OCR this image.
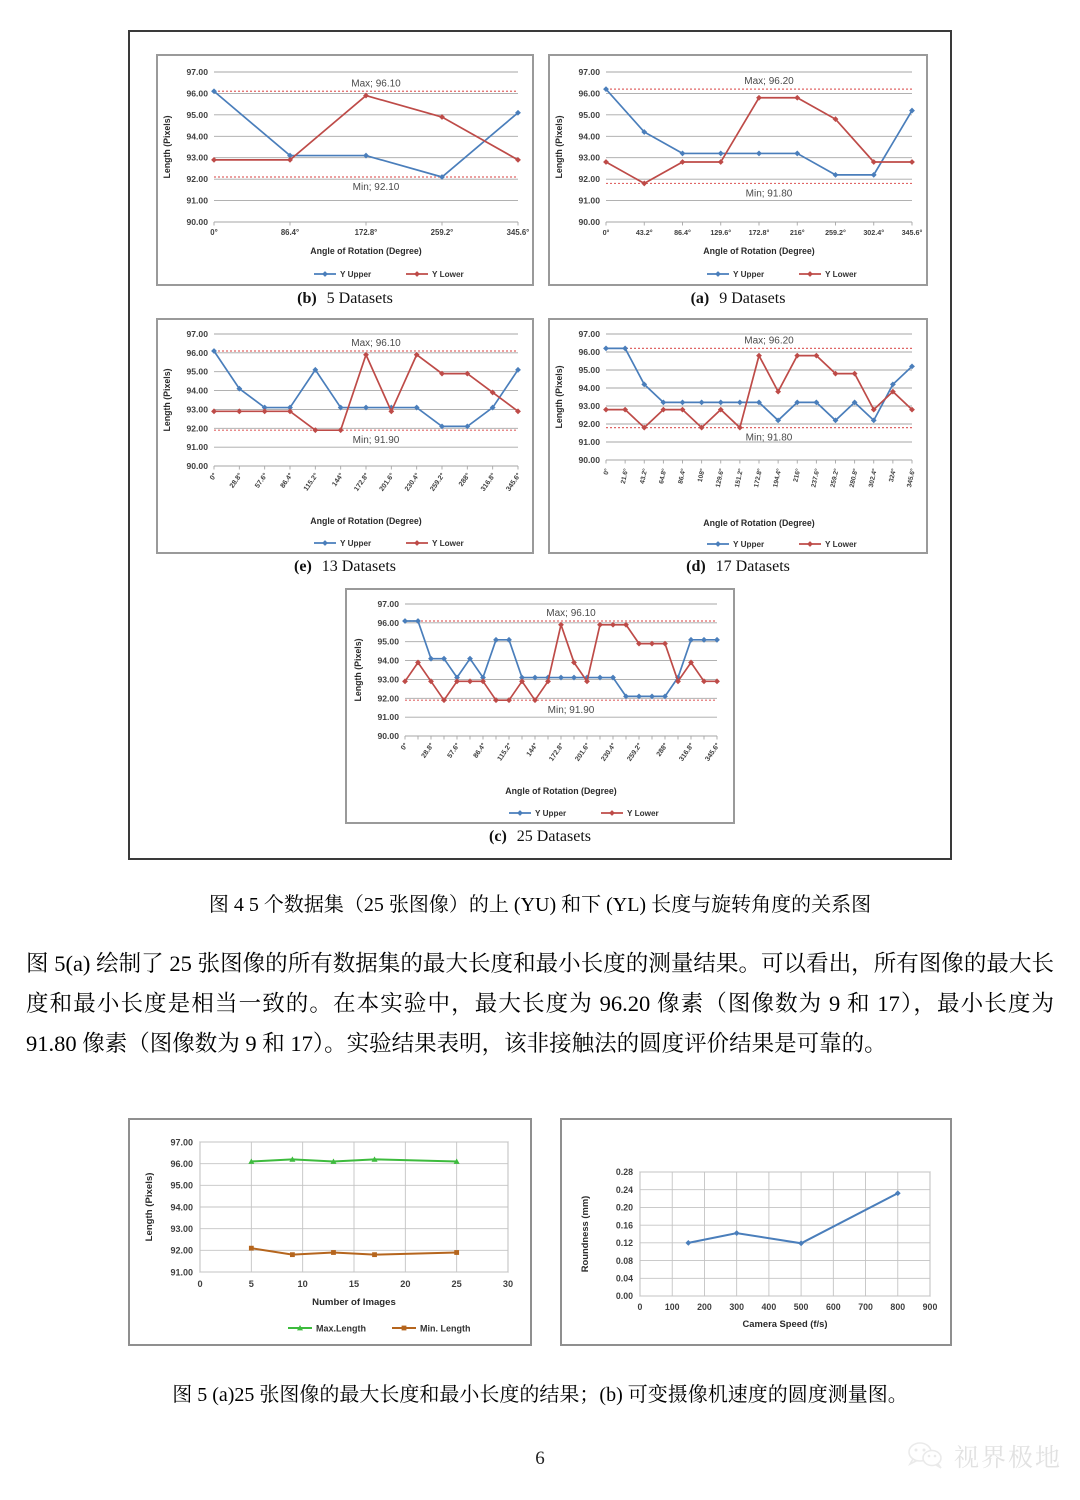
97.00
96.00
95.00
94.00
93.00
92.00
91.00
90.00
Max; 96.10
Min; 92.10
0°	86.4°	172.8°	259.2°	345.6°
Angle of Rotation (Degree)
Length (Pixels)
Y Upper	Y Lower
(b) 5 Datasets
97.00
96.00
95.00
94.00
93.00
92.00
91.00
90.00
Max; 96.20
Min; 91.80
0°	43.2°	86.4°	129.6° 172.8°	216°	259.2° 302.4° 345.6°
Angle of Rotation (Degree)
Length (Pixels)
Y Upper	Y Lower
(a) 9 Datasets
97.00
96.00
95.00
94.00
93.00
92.00
91.00
90.00
Max; 96.10
Min; 91.90
0° 28.8° 57.6° 86.4° 115.2° 144° 172.8° 201.6° 230.4° 259.2° 288° 316.8° 345.6°
Angle of Rotation (Degree)
Length (Pixels)
Y Upper	Y Lower
(e) 13 Datasets
97.00
96.00
95.00
94.00
93.00
92.00
91.00
90.00
Max; 96.20
Min; 91.80
0° 21.6° 43.2° 64.8° 86.4° 108° 129.6° 151.2° 172.8° 194.4° 216° 237.6° 259.2° 280.8° 302.4° 324° 345.6°
Angle of Rotation (Degree)
Length (Pixels)
Y Upper	Y Lower
(d) 17 Datasets
97.00
96.00
95.00
94.00
93.00
92.00
91.00
90.00
Max; 96.10
Min; 91.90
0° 28.8° 57.6° 86.4° 115.2° 144° 172.8° 201.6° 230.4° 259.2° 288° 316.8° 345.6°
Angle of Rotation (Degree)
Length (Pixels)
Y Upper	Y Lower
(c) 25 Datasets
图 4 5 个数据集（25 张图像）的上 (YU) 和下 (YL) 长度与旋转角度的关系图
图 5(a) 绘制了 25 张图像的所有数据集的最大长度和最小长度的测量结果。可以看出，所有图像的最大长度和最小长度是相当一致的。在本实验中，最大长度为 96.20 像素（图像数为 9 和 17），最小长度为 91.80 像素（图像数为 9 和 17）。实验结果表明，该非接触法的圆度评价结果是可靠的。
97.00
96.00
95.00
94.00
93.00
92.00
91.00
0	5	10	15	20	25	30
Number of Images
Length (Pixels)
Max.Length	Min. Length
0.28
0.24
0.20
0.16
0.12
0.08
0.04
0.00
0	100 200 300 400 500 600 700 800 900
Camera Speed (f/s)
Roundness (mm)
图 5 (a)25 张图像的最大长度和最小长度的结果；(b) 可变摄像机速度的圆度测量图。
6	视界极地
